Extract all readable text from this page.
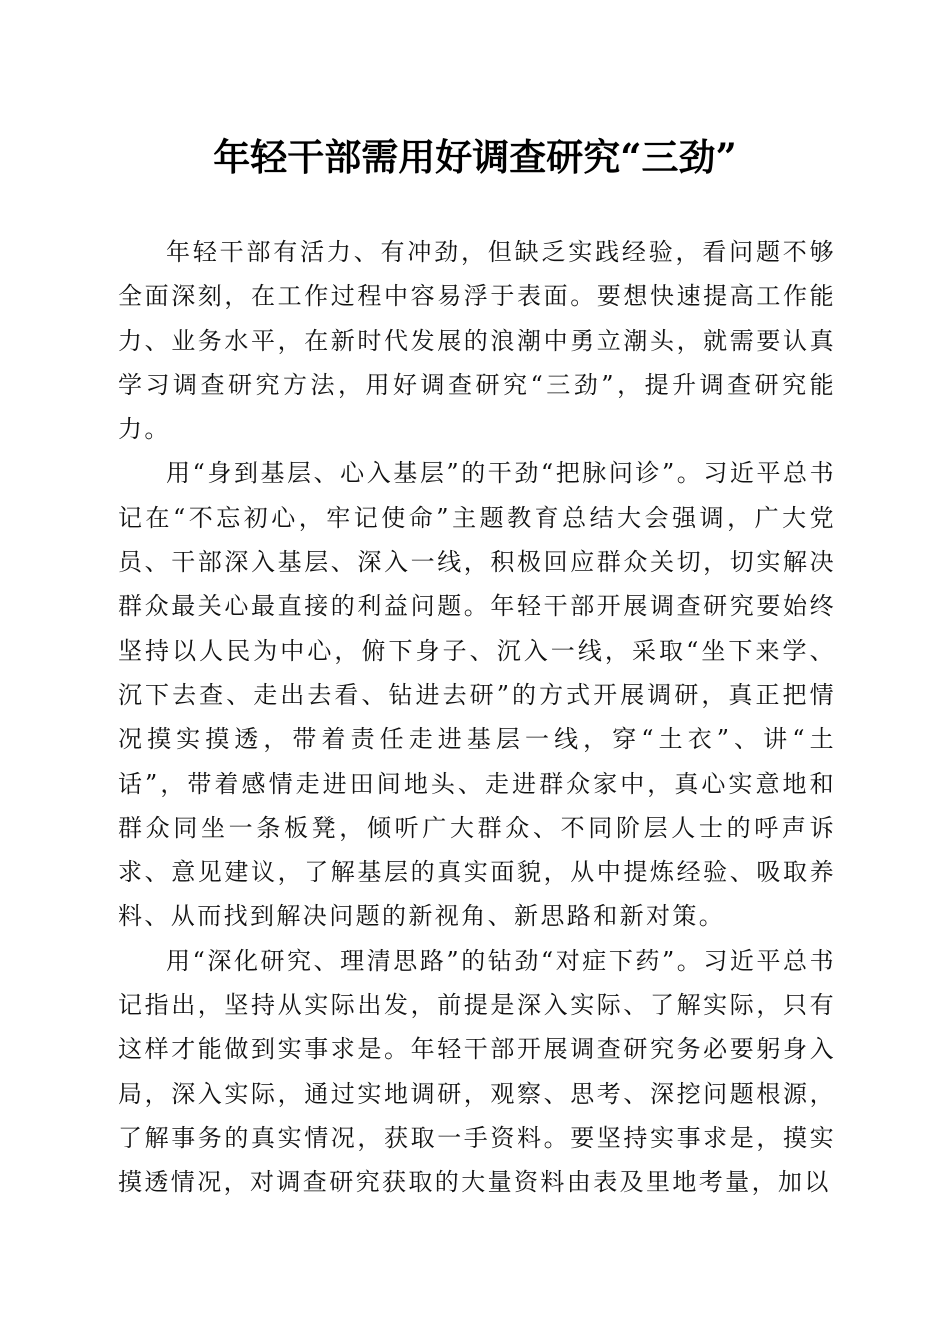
年轻干部需用好调查研究“三劲”

年轻干部有活力、有冲劲，但缺乏实践经验，看问题不够全面深刻，在工作过程中容易浮于表面。要想快速提高工作能力、业务水平，在新时代发展的浪潮中勇立潮头，就需要认真学习调查研究方法，用好调查研究“三劲”，提升调查研究能力。

用“身到基层、心入基层”的干劲“把脉问诊”。习近平总书记在“不忘初心，牢记使命”主题教育总结大会强调，广大党员、干部深入基层、深入一线，积极回应群众关切，切实解决群众最关心最直接的利益问题。年轻干部开展调查研究要始终坚持以人民为中心，俯下身子、沉入一线，采取“坐下来学、沉下去查、走出去看、钻进去研”的方式开展调研，真正把情况摸实摸透，带着责任走进基层一线，穿“土衣”、讲“土话”，带着感情走进田间地头、走进群众家中，真心实意地和群众同坐一条板凳，倾听广大群众、不同阶层人士的呼声诉求、意见建议，了解基层的真实面貌，从中提炼经验、吸取养料、从而找到解决问题的新视角、新思路和新对策。

用“深化研究、理清思路”的钻劲“对症下药”。习近平总书记指出，坚持从实际出发，前提是深入实际、了解实际，只有这样才能做到实事求是。年轻干部开展调查研究务必要躬身入局，深入实际，通过实地调研，观察、思考、深挖问题根源，了解事务的真实情况，获取一手资料。要坚持实事求是，摸实摸透情况，对调查研究获取的大量资料由表及里地考量，加以
